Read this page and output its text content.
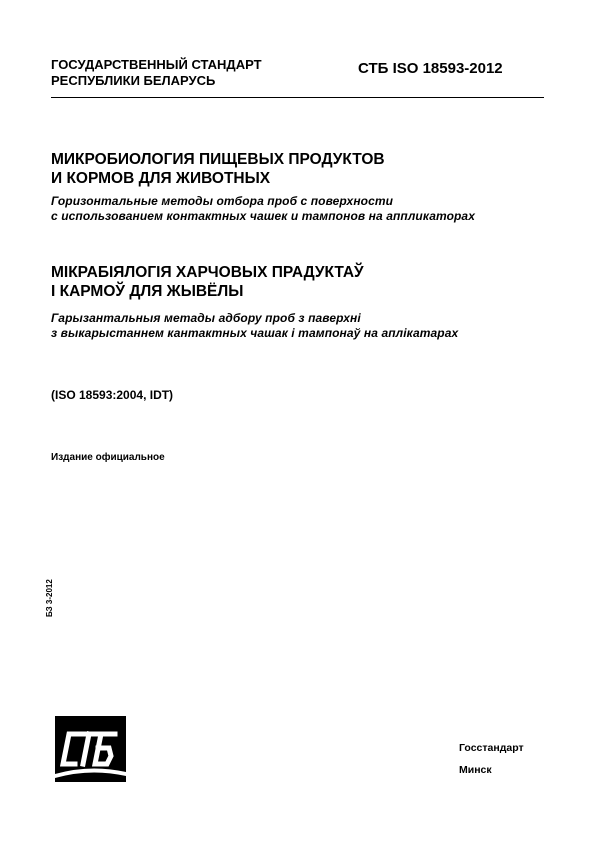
ГОСУДАРСТВЕННЫЙ СТАНДАРТ
РЕСПУБЛИКИ БЕЛАРУСЬ
СТБ ISO 18593-2012
МИКРОБИОЛОГИЯ ПИЩЕВЫХ ПРОДУКТОВ
И КОРМОВ ДЛЯ ЖИВОТНЫХ
Горизонтальные методы отбора проб с поверхности
с использованием контактных чашек и тампонов на аппликаторах
МІКРАБІЯЛОГІЯ ХАРЧОВЫХ ПРАДУКТАЎ
І КАРМОЎ ДЛЯ ЖЫВЁЛЫ
Гарызантальныя метады адбору проб з паверхні
з выкарыстаннем кантактных чашак і тампонаў на аплікатарах
(ISO 18593:2004, IDT)
Издание официальное
БЗ 3-2012
Госстандарт
Минск
